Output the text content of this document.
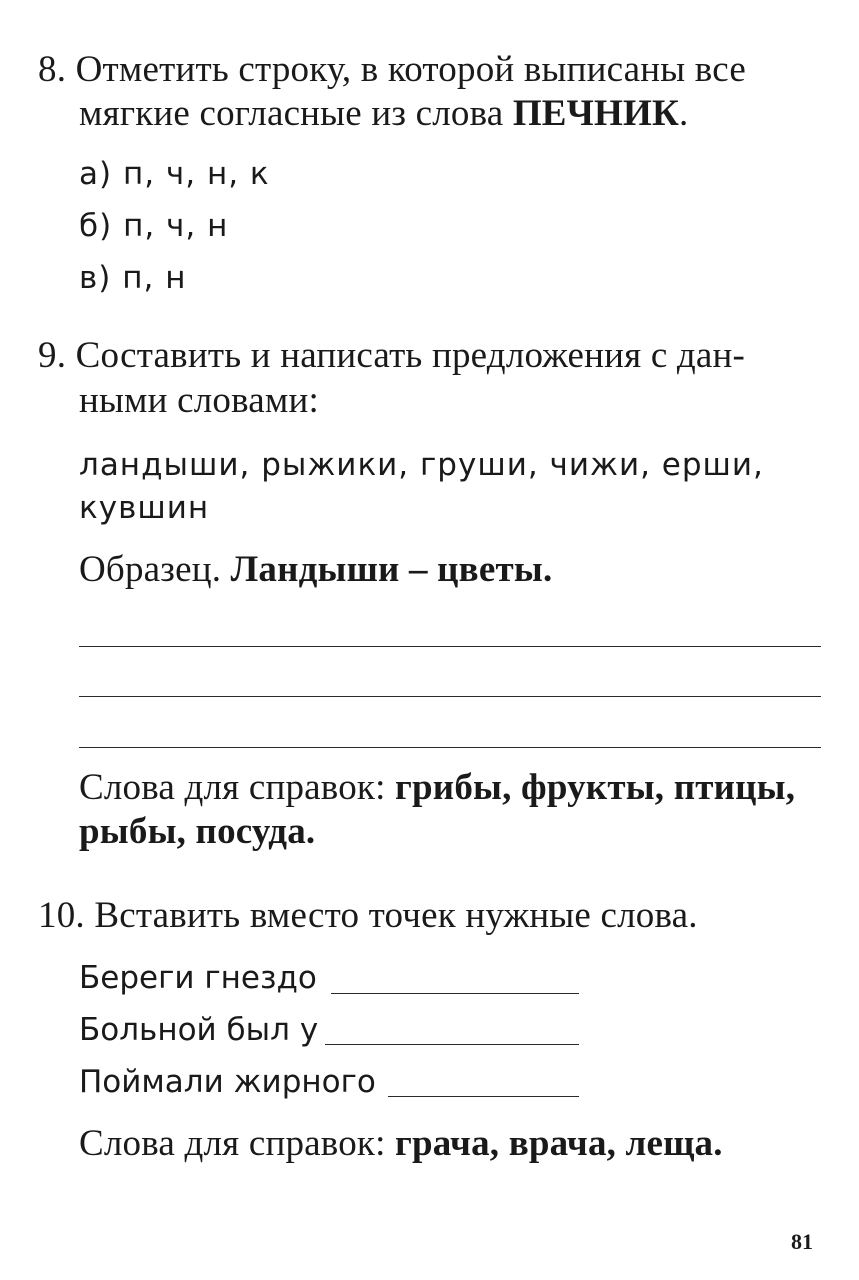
8. Отметить строку, в которой выписаны все
мягкие согласные из слова ПЕЧНИК.
а) п, ч, н, к
б) п, ч, н
в) п, н
9. Составить и написать предложения с дан-
ными словами:
ландыши, рыжики, груши, чижи, ерши,
кувшин
Образец. Ландыши – цветы.
Слова для справок: грибы, фрукты, птицы,
рыбы, посуда.
10. Вставить вместо точек нужные слова.
Береги гнездо
Больной был у
Поймали жирного
Слова для справок: грача, врача, леща.
81
